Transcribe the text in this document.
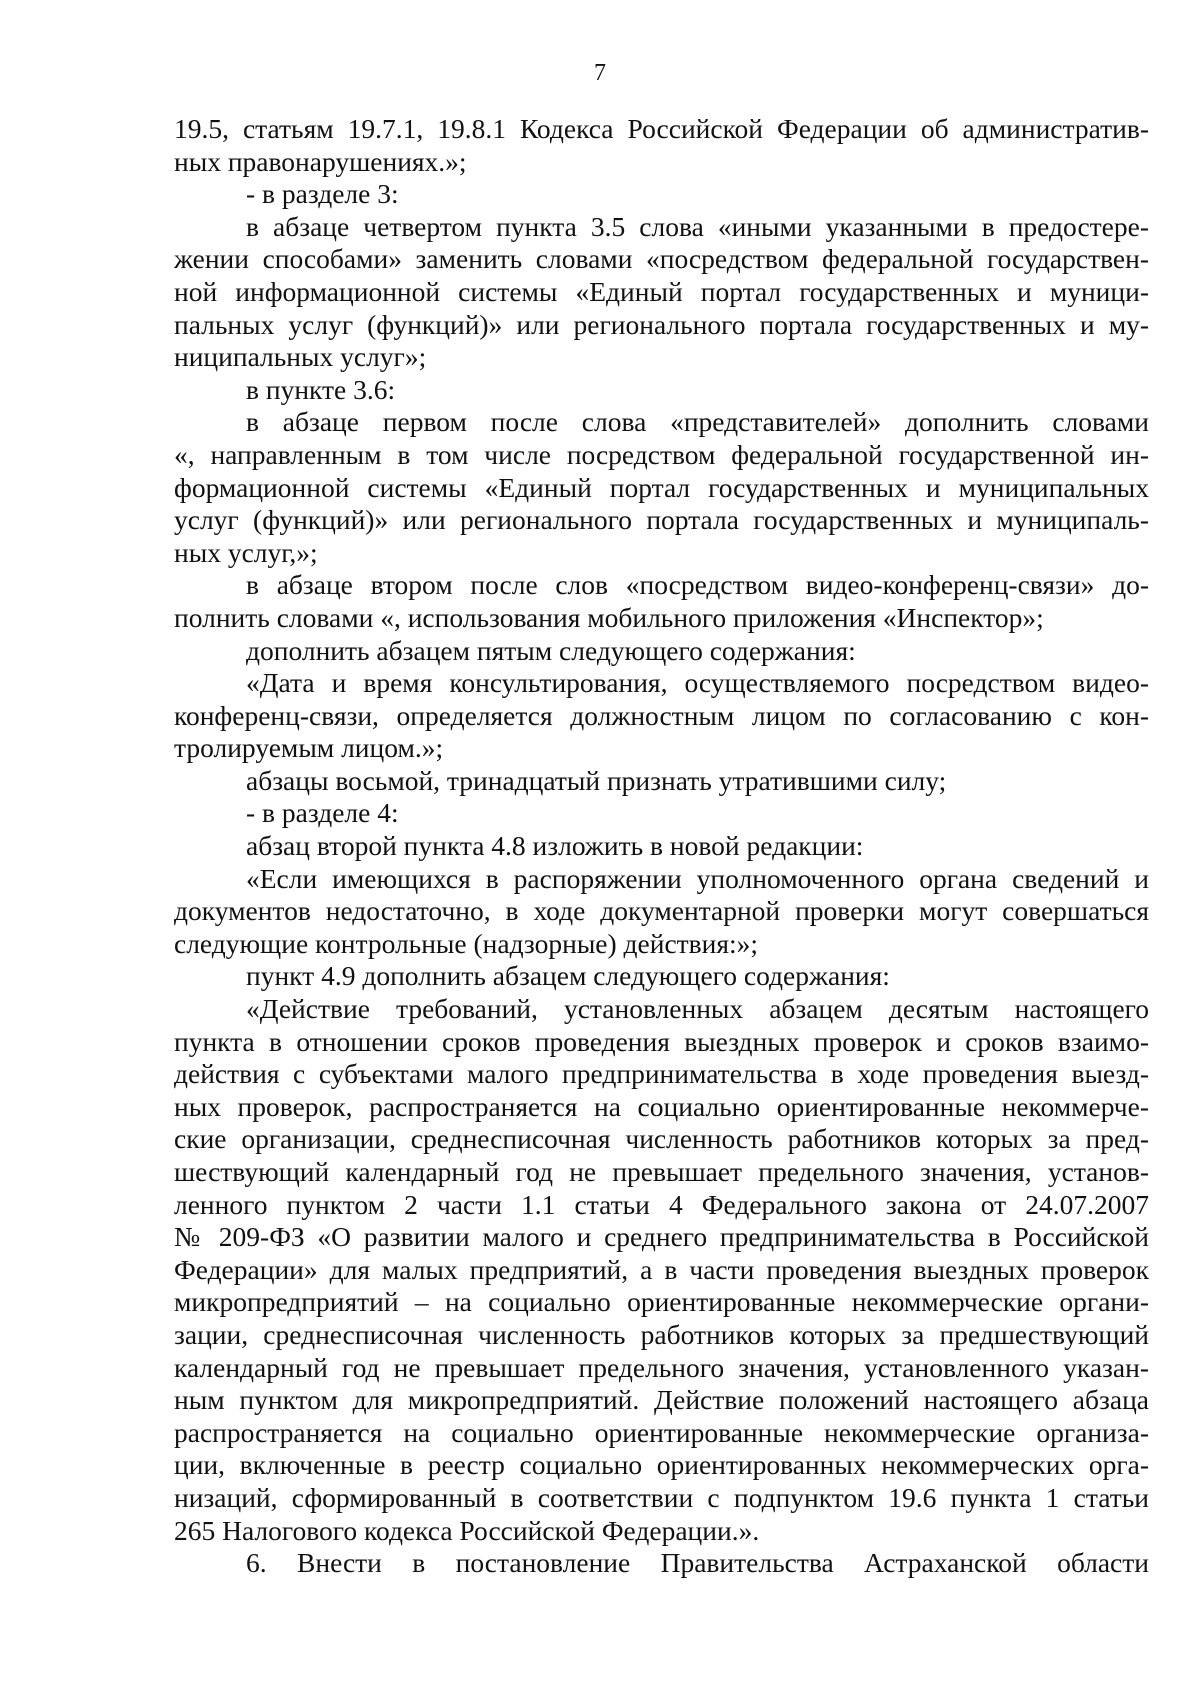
7
19.5, статьям 19.7.1, 19.8.1 Кодекса Российской Федерации об административ-
ных правонарушениях.»;
- в разделе 3:
в абзаце четвертом пункта 3.5 слова «иными указанными в предостере-
жении способами» заменить словами «посредством федеральной государствен-
ной информационной системы «Единый портал государственных и муници-
пальных услуг (функций)» или регионального портала государственных и му-
ниципальных услуг»;
в пункте 3.6:
в абзаце первом после слова «представителей» дополнить словами
«, направленным в том числе посредством федеральной государственной ин-
формационной системы «Единый портал государственных и муниципальных
услуг (функций)» или регионального портала государственных и муниципаль-
ных услуг,»;
в абзаце втором после слов «посредством видео-конференц-связи» до-
полнить словами «, использования мобильного приложения «Инспектор»;
дополнить абзацем пятым следующего содержания:
«Дата и время консультирования, осуществляемого посредством видео-
конференц-связи, определяется должностным лицом по согласованию с кон-
тролируемым лицом.»;
абзацы восьмой, тринадцатый признать утратившими силу;
- в разделе 4:
абзац второй пункта 4.8 изложить в новой редакции:
«Если имеющихся в распоряжении уполномоченного органа сведений и
документов недостаточно, в ходе документарной проверки могут совершаться
следующие контрольные (надзорные) действия:»;
пункт 4.9 дополнить абзацем следующего содержания:
«Действие требований, установленных абзацем десятым настоящего
пункта в отношении сроков проведения выездных проверок и сроков взаимо-
действия с субъектами малого предпринимательства в ходе проведения выезд-
ных проверок, распространяется на социально ориентированные некоммерче-
ские организации, среднесписочная численность работников которых за пред-
шествующий календарный год не превышает предельного значения, установ-
ленного пунктом 2 части 1.1 статьи 4 Федерального закона от 24.07.2007
№ 209-ФЗ «О развитии малого и среднего предпринимательства в Российской
Федерации» для малых предприятий, а в части проведения выездных проверок
микропредприятий – на социально ориентированные некоммерческие органи-
зации, среднесписочная численность работников которых за предшествующий
календарный год не превышает предельного значения, установленного указан-
ным пунктом для микропредприятий. Действие положений настоящего абзаца
распространяется на социально ориентированные некоммерческие организа-
ции, включенные в реестр социально ориентированных некоммерческих орга-
низаций, сформированный в соответствии с подпунктом 19.6 пункта 1 статьи
265 Налогового кодекса Российской Федерации.».
6. Внести в постановление Правительства Астраханской области
